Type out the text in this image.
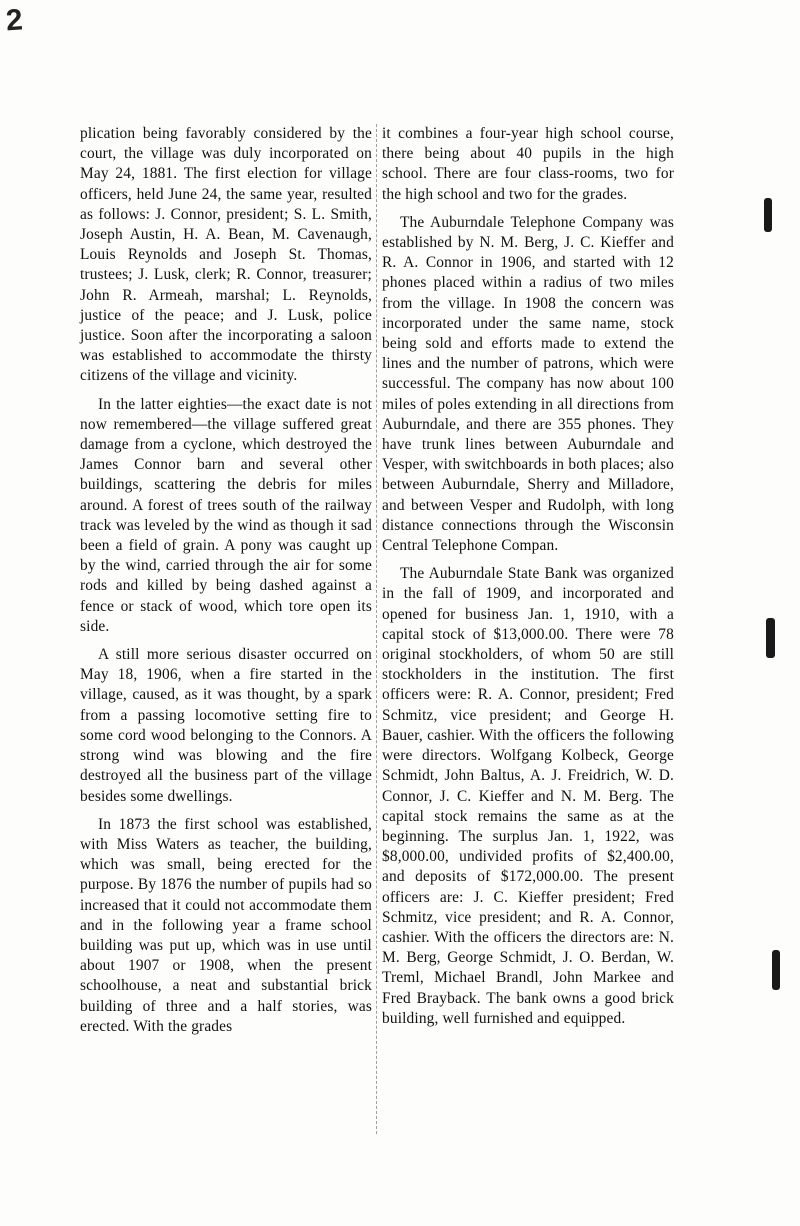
2

plication being favorably considered by the court, the village was duly incorporated on May 24, 1881. The first election for village officers, held June 24, the same year, resulted as follows: J. Connor, president; S. L. Smith, Joseph Austin, H. A. Bean, M. Cavenaugh, Louis Reynolds and Joseph St. Thomas, trustees; J. Lusk, clerk; R. Connor, treasurer; John R. Armeah, marshal; L. Reynolds, justice of the peace; and J. Lusk, police justice. Soon after the incorporating a saloon was established to accommodate the thirsty citizens of the village and vicinity.

In the latter eighties—the exact date is not now remembered—the village suffered great damage from a cyclone, which destroyed the James Connor barn and several other buildings, scattering the debris for miles around. A forest of trees south of the railway track was leveled by the wind as though it sad been a field of grain. A pony was caught up by the wind, carried through the air for some rods and killed by being dashed against a fence or stack of wood, which tore open its side.

A still more serious disaster occurred on May 18, 1906, when a fire started in the village, caused, as it was thought, by a spark from a passing locomotive setting fire to some cord wood belonging to the Connors. A strong wind was blowing and the fire destroyed all the business part of the village besides some dwellings.

In 1873 the first school was established, with Miss Waters as teacher, the building, which was small, being erected for the purpose. By 1876 the number of pupils had so increased that it could not accommodate them and in the following year a frame school building was put up, which was in use until about 1907 or 1908, when the present schoolhouse, a neat and substantial brick building of three and a half stories, was erected. With the grades

it combines a four-year high school course, there being about 40 pupils in the high school. There are four class-rooms, two for the high school and two for the grades.

The Auburndale Telephone Company was established by N. M. Berg, J. C. Kieffer and R. A. Connor in 1906, and started with 12 phones placed within a radius of two miles from the village. In 1908 the concern was incorporated under the same name, stock being sold and efforts made to extend the lines and the number of patrons, which were successful. The company has now about 100 miles of poles extending in all directions from Auburndale, and there are 355 phones. They have trunk lines between Auburndale and Vesper, with switchboards in both places; also between Auburndale, Sherry and Milladore, and between Vesper and Rudolph, with long distance connections through the Wisconsin Central Telephone Compan.

The Auburndale State Bank was organized in the fall of 1909, and incorporated and opened for business Jan. 1, 1910, with a capital stock of $13,000.00. There were 78 original stockholders, of whom 50 are still stockholders in the institution. The first officers were: R. A. Connor, president; Fred Schmitz, vice president; and George H. Bauer, cashier. With the officers the following were directors. Wolfgang Kolbeck, George Schmidt, John Baltus, A. J. Freidrich, W. D. Connor, J. C. Kieffer and N. M. Berg. The capital stock remains the same as at the beginning. The surplus Jan. 1, 1922, was $8,000.00, undivided profits of $2,400.00, and deposits of $172,000.00. The present officers are: J. C. Kieffer president; Fred Schmitz, vice president; and R. A. Connor, cashier. With the officers the directors are: N. M. Berg, George Schmidt, J. O. Berdan, W. Treml, Michael Brandl, John Markee and Fred Brayback. The bank owns a good brick building, well furnished and equipped.
